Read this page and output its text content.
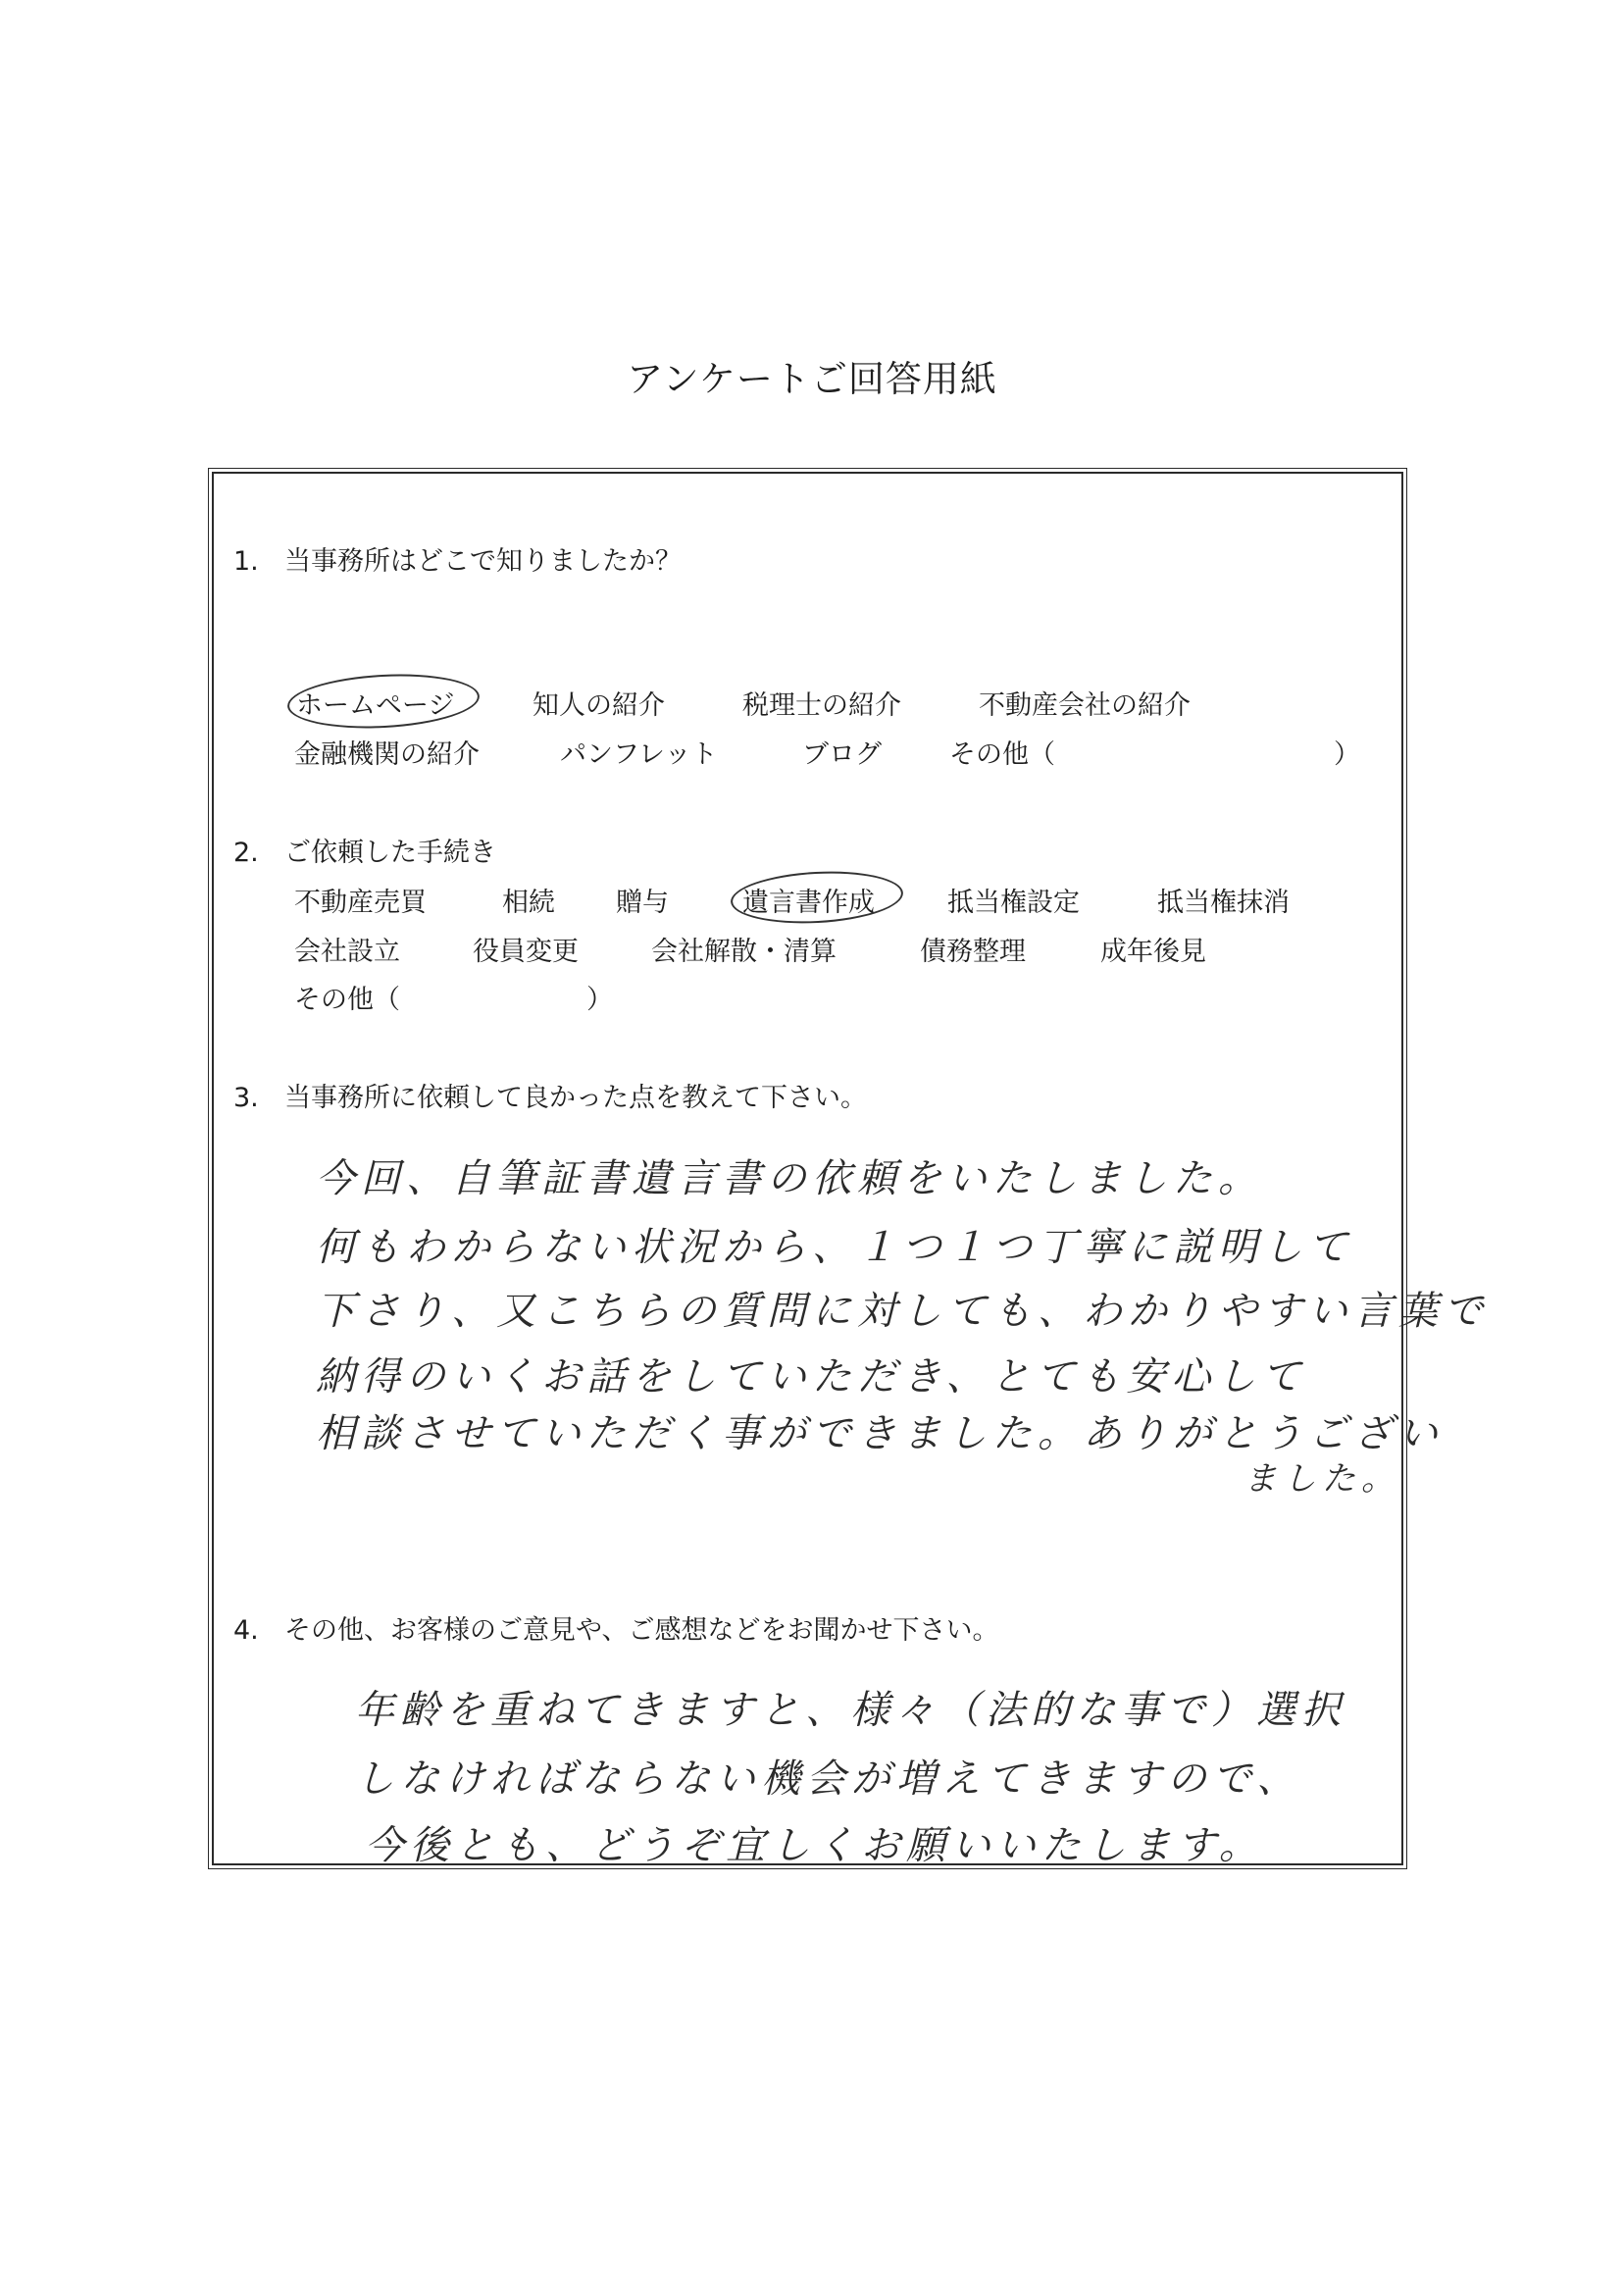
アンケートご回答用紙
1. 当事務所はどこで知りましたか？
ホームページ	知人の紹介	税理士の紹介	不動産会社の紹介
金融機関の紹介	パンフレット	ブログ	その他（	）
2. ご依頼した手続き
不動産売買	相続 贈与	遺言書作成	抵当権設定	抵当権抹消
会社設立	役員変更	会社解散・清算	債務整理	成年後見
その他（	）
3. 当事務所に依頼して良かった点を教えて下さい。
今回、自筆証書遺言書の依頼をいたしました。
何もわからない状況から、１つ１つ丁寧に説明して
下さり、又こちらの質問に対しても、わかりやすい言葉で
納得のいくお話をしていただき、とても安心して
相談させていただく事ができました。ありがとうござい
ました。
4. その他、お客様のご意見や、ご感想などをお聞かせ下さい。
年齢を重ねてきますと、様々（法的な事で）選択
しなければならない機会が増えてきますので、
今後とも、どうぞ宜しくお願いいたします。
